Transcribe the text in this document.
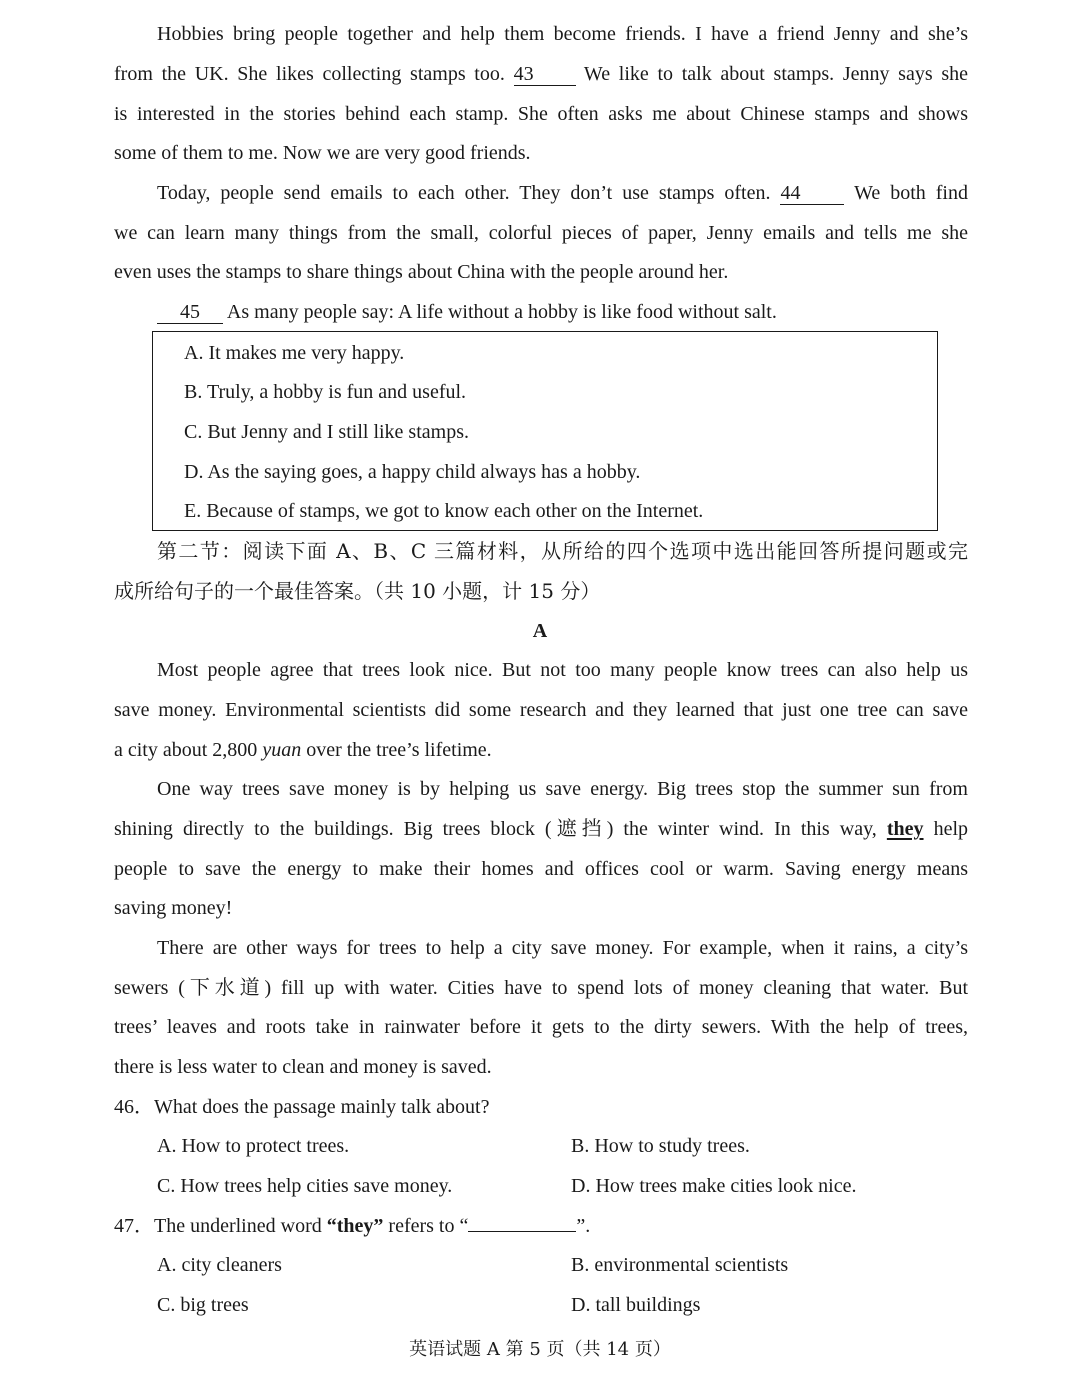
Hobbies bring people together and help them become friends. I have a friend Jenny and she’s
from the UK. She likes collecting stamps too. 43	We like to talk about stamps. Jenny says she
is interested in the stories behind each stamp. She often asks me about Chinese stamps and shows
some of them to me. Now we are very good friends.
Today, people send emails to each other. They don’t use stamps often. 44	We both find
we can learn many things from the small, colorful pieces of paper, Jenny emails and tells me she
even uses the stamps to share things about China with the people around her.
45 As many people say: A life without a hobby is like food without salt.
A. It makes me very happy.
B. Truly, a hobby is fun and useful.
C. But Jenny and I still like stamps.
D. As the saying goes, a happy child always has a hobby.
E. Because of stamps, we got to know each other on the Internet.
第二节：阅读下面 A、B、C 三篇材料，从所给的四个选项中选出能回答所提问题或完
成所给句子的一个最佳答案。（共 10 小题，计 15 分）
A
Most people agree that trees look nice. But not too many people know trees can also help us
save money. Environmental scientists did some research and they learned that just one tree can save
a city about 2,800 yuan over the tree’s lifetime.
One way trees save money is by helping us save energy. Big trees stop the summer sun from
shining directly to the buildings. Big trees block (遮挡) the winter wind. In this way, they help
people to save the energy to make their homes and offices cool or warm. Saving energy means
saving money!
There are other ways for trees to help a city save money. For example, when it rains, a city’s
sewers (下水道) fill up with water. Cities have to spend lots of money cleaning that water. But
trees’ leaves and roots take in rainwater before it gets to the dirty sewers. With the help of trees,
there is less water to clean and money is saved.
46．What does the passage mainly talk about?
A. How to protect trees.	B. How to study trees.
C. How trees help cities save money.	D. How trees make cities look nice.
47．The underlined word “they” refers to “	”.
A. city cleaners	B. environmental scientists
C. big trees	D. tall buildings
英语试题 A 第 5 页（共 14 页）
